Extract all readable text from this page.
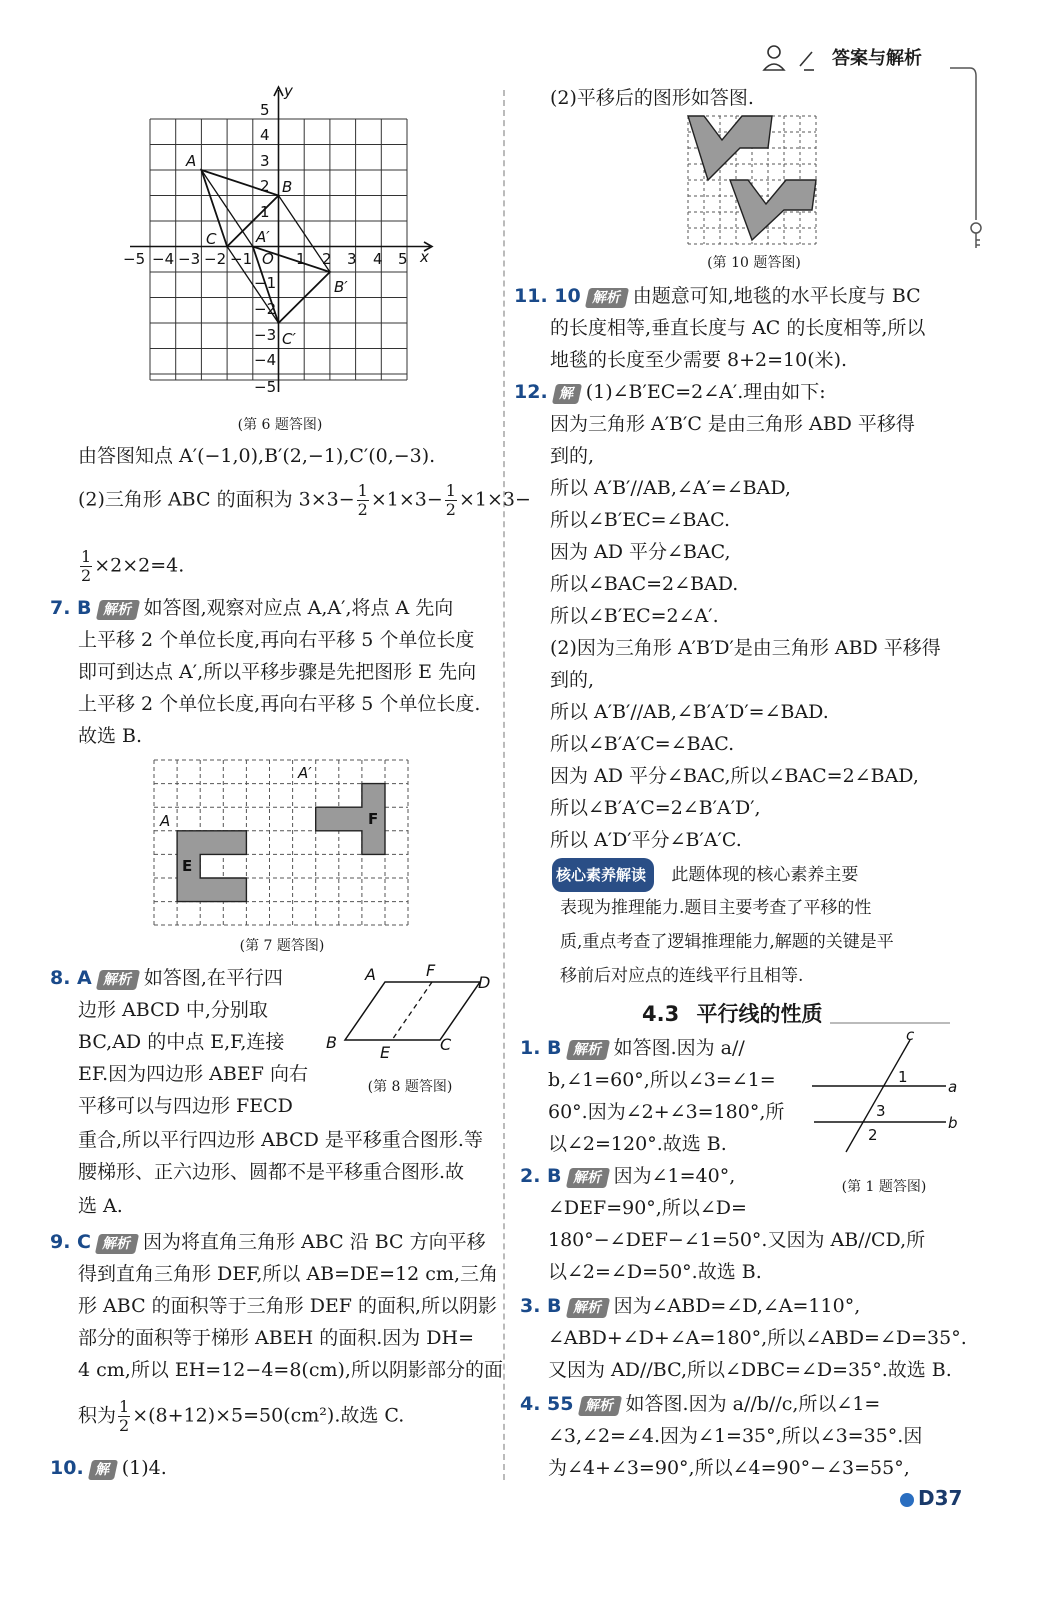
答案与解析
−5 −4 −3 −2 −1	1 2 3 4 5
5
4
3
2
1
−1
−2
−3
−4
−5
x
y
O
A
B
C	A′
B′
C′
(第 6 题答图)
由答图知点 A′(−1,0),B′(2,−1),C′(0,−3).
(2)三角形 ABC 的面积为 $3\times 3- \frac{1}{2} \times 1\times 3- \frac{1}{2} \times 1\times 3-$
$\frac{1}{2} \times 2\times 2=4$.
7. B 解析 如答图,观察对应点 A,A′,将点 A 先向
上平移 2 个单位长度,再向右平移 5 个单位长度
即可到达点 A′,所以平移步骤是先把图形 E 先向
上平移 2 个单位长度,再向右平移 5 个单位长度.
故选 B.
A
A′
E
F
(第 7 题答图)
8. A 解析 如答图,在平行四
边形 ABCD 中,分别取
BC,AD 的中点 E,F,连接
EF.因为四边形 ABEF 向右
平移可以与四边形 FECD
重合,所以平行四边形 ABCD 是平移重合图形.等
腰梯形、正六边形、圆都不是平移重合图形.故
选 A.
A	F
D
B
E	C
(第 8 题答图)
9. C 解析 因为将直角三角形 ABC 沿 BC 方向平移
得到直角三角形 DEF,所以 AB=DE=12 cm,三角
形 ABC 的面积等于三角形 DEF 的面积,所以阴影
部分的面积等于梯形 ABEH 的面积.因为 DH=
4 cm,所以 EH=12−4=8(cm),所以阴影部分的面
积为 $\frac{1}{2} \times(8+12)\times 5=50(cm^2)$.故选 C.
10. 解 (1)4.
(2)平移后的图形如答图.
(第 10 题答图)
11. 10 解析 由题意可知,地毯的水平长度与 BC
的长度相等,垂直长度与 AC 的长度相等,所以
地毯的长度至少需要 8+2=10(米).
12. 解 (1)∠B′EC=2∠A′.理由如下:
因为三角形 A′B′C 是由三角形 ABD 平移得
到的,
所以 A′B′//AB,∠A′=∠BAD,
所以∠B′EC=∠BAC.
因为 AD 平分∠BAC,
所以∠BAC=2∠BAD.
所以∠B′EC=2∠A′.
(2)因为三角形 A′B′D′是由三角形 ABD 平移得
到的,
所以 A′B′//AB,∠B′A′D′=∠BAD.
所以∠B′A′C=∠BAC.
因为 AD 平分∠BAC,所以∠BAC=2∠BAD,
所以∠B′A′C=2∠B′A′D′,
所以 A′D′平分∠B′A′C.
核心素养解读 此题体现的核心素养主要
表现为推理能力.题目主要考查了平移的性
质,重点考查了逻辑推理能力,解题的关键是平
移前后对应点的连线平行且相等.
4.3 平行线的性质
1. B 解析 如答图.因为 a//
b,∠1=60°,所以∠3=∠1=
60°.因为∠2+∠3=180°,所
以∠2=120°.故选 B.
a
b
c
1
3
2
(第 1 题答图)
2. B 解析 因为∠1=40°,
∠DEF=90°,所以∠D=
180°−∠DEF−∠1=50°.又因为 AB//CD,所
以∠2=∠D=50°.故选 B.
3. B 解析 因为∠ABD=∠D,∠A=110°,
∠ABD+∠D+∠A=180°,所以∠ABD=∠D=35°.
又因为 AD//BC,所以∠DBC=∠D=35°.故选 B.
4. 55 解析 如答图.因为 a//b//c,所以∠1=
∠3,∠2=∠4.因为∠1=35°,所以∠3=35°.因
为∠4+∠3=90°,所以∠4=90°−∠3=55°,
D37
